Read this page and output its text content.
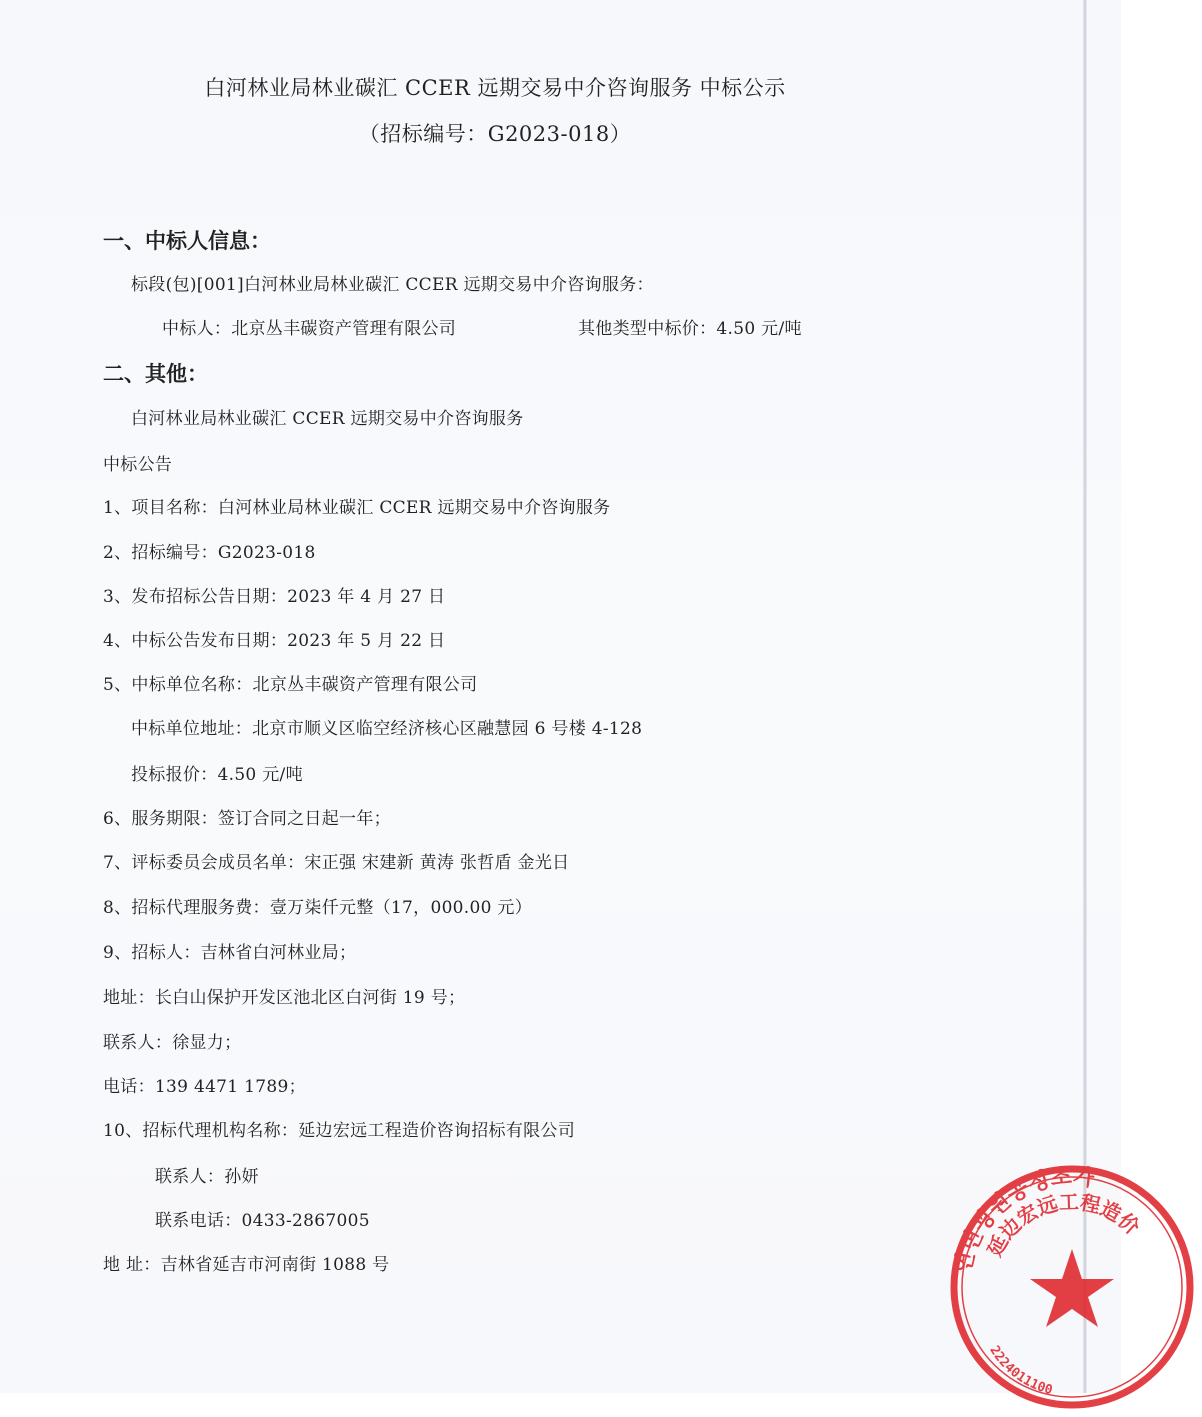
白河林业局林业碳汇 CCER 远期交易中介咨询服务 中标公示
（招标编号：G2023-018）
一、中标人信息：
标段(包)[001]白河林业局林业碳汇 CCER 远期交易中介咨询服务：
中标人：北京丛丰碳资产管理有限公司	其他类型中标价：4.50 元/吨
二、其他：
白河林业局林业碳汇 CCER 远期交易中介咨询服务
中标公告
1、项目名称：白河林业局林业碳汇 CCER 远期交易中介咨询服务
2、招标编号：G2023-018
3、发布招标公告日期：2023 年 4 月 27 日
4、中标公告发布日期：2023 年 5 月 22 日
5、中标单位名称：北京丛丰碳资产管理有限公司
中标单位地址：北京市顺义区临空经济核心区融慧园 6 号楼 4-128
投标报价：4.50 元/吨
6、服务期限：签订合同之日起一年；
7、评标委员会成员名单：宋正强 宋建新 黄涛 张哲盾 金光日
8、招标代理服务费：壹万柒仟元整（17，000.00 元）
9、招标人：吉林省白河林业局；
地址：长白山保护开发区池北区白河街 19 号；
联系人：徐显力；
电话：139 4471 1789；
10、招标代理机构名称：延边宏远工程造价咨询招标有限公司
联系人：孙妍
联系电话：0433-2867005
地 址：吉林省延吉市河南街 1088 号	연변굉원공정조가
延边宏远工程造价
2224011100
